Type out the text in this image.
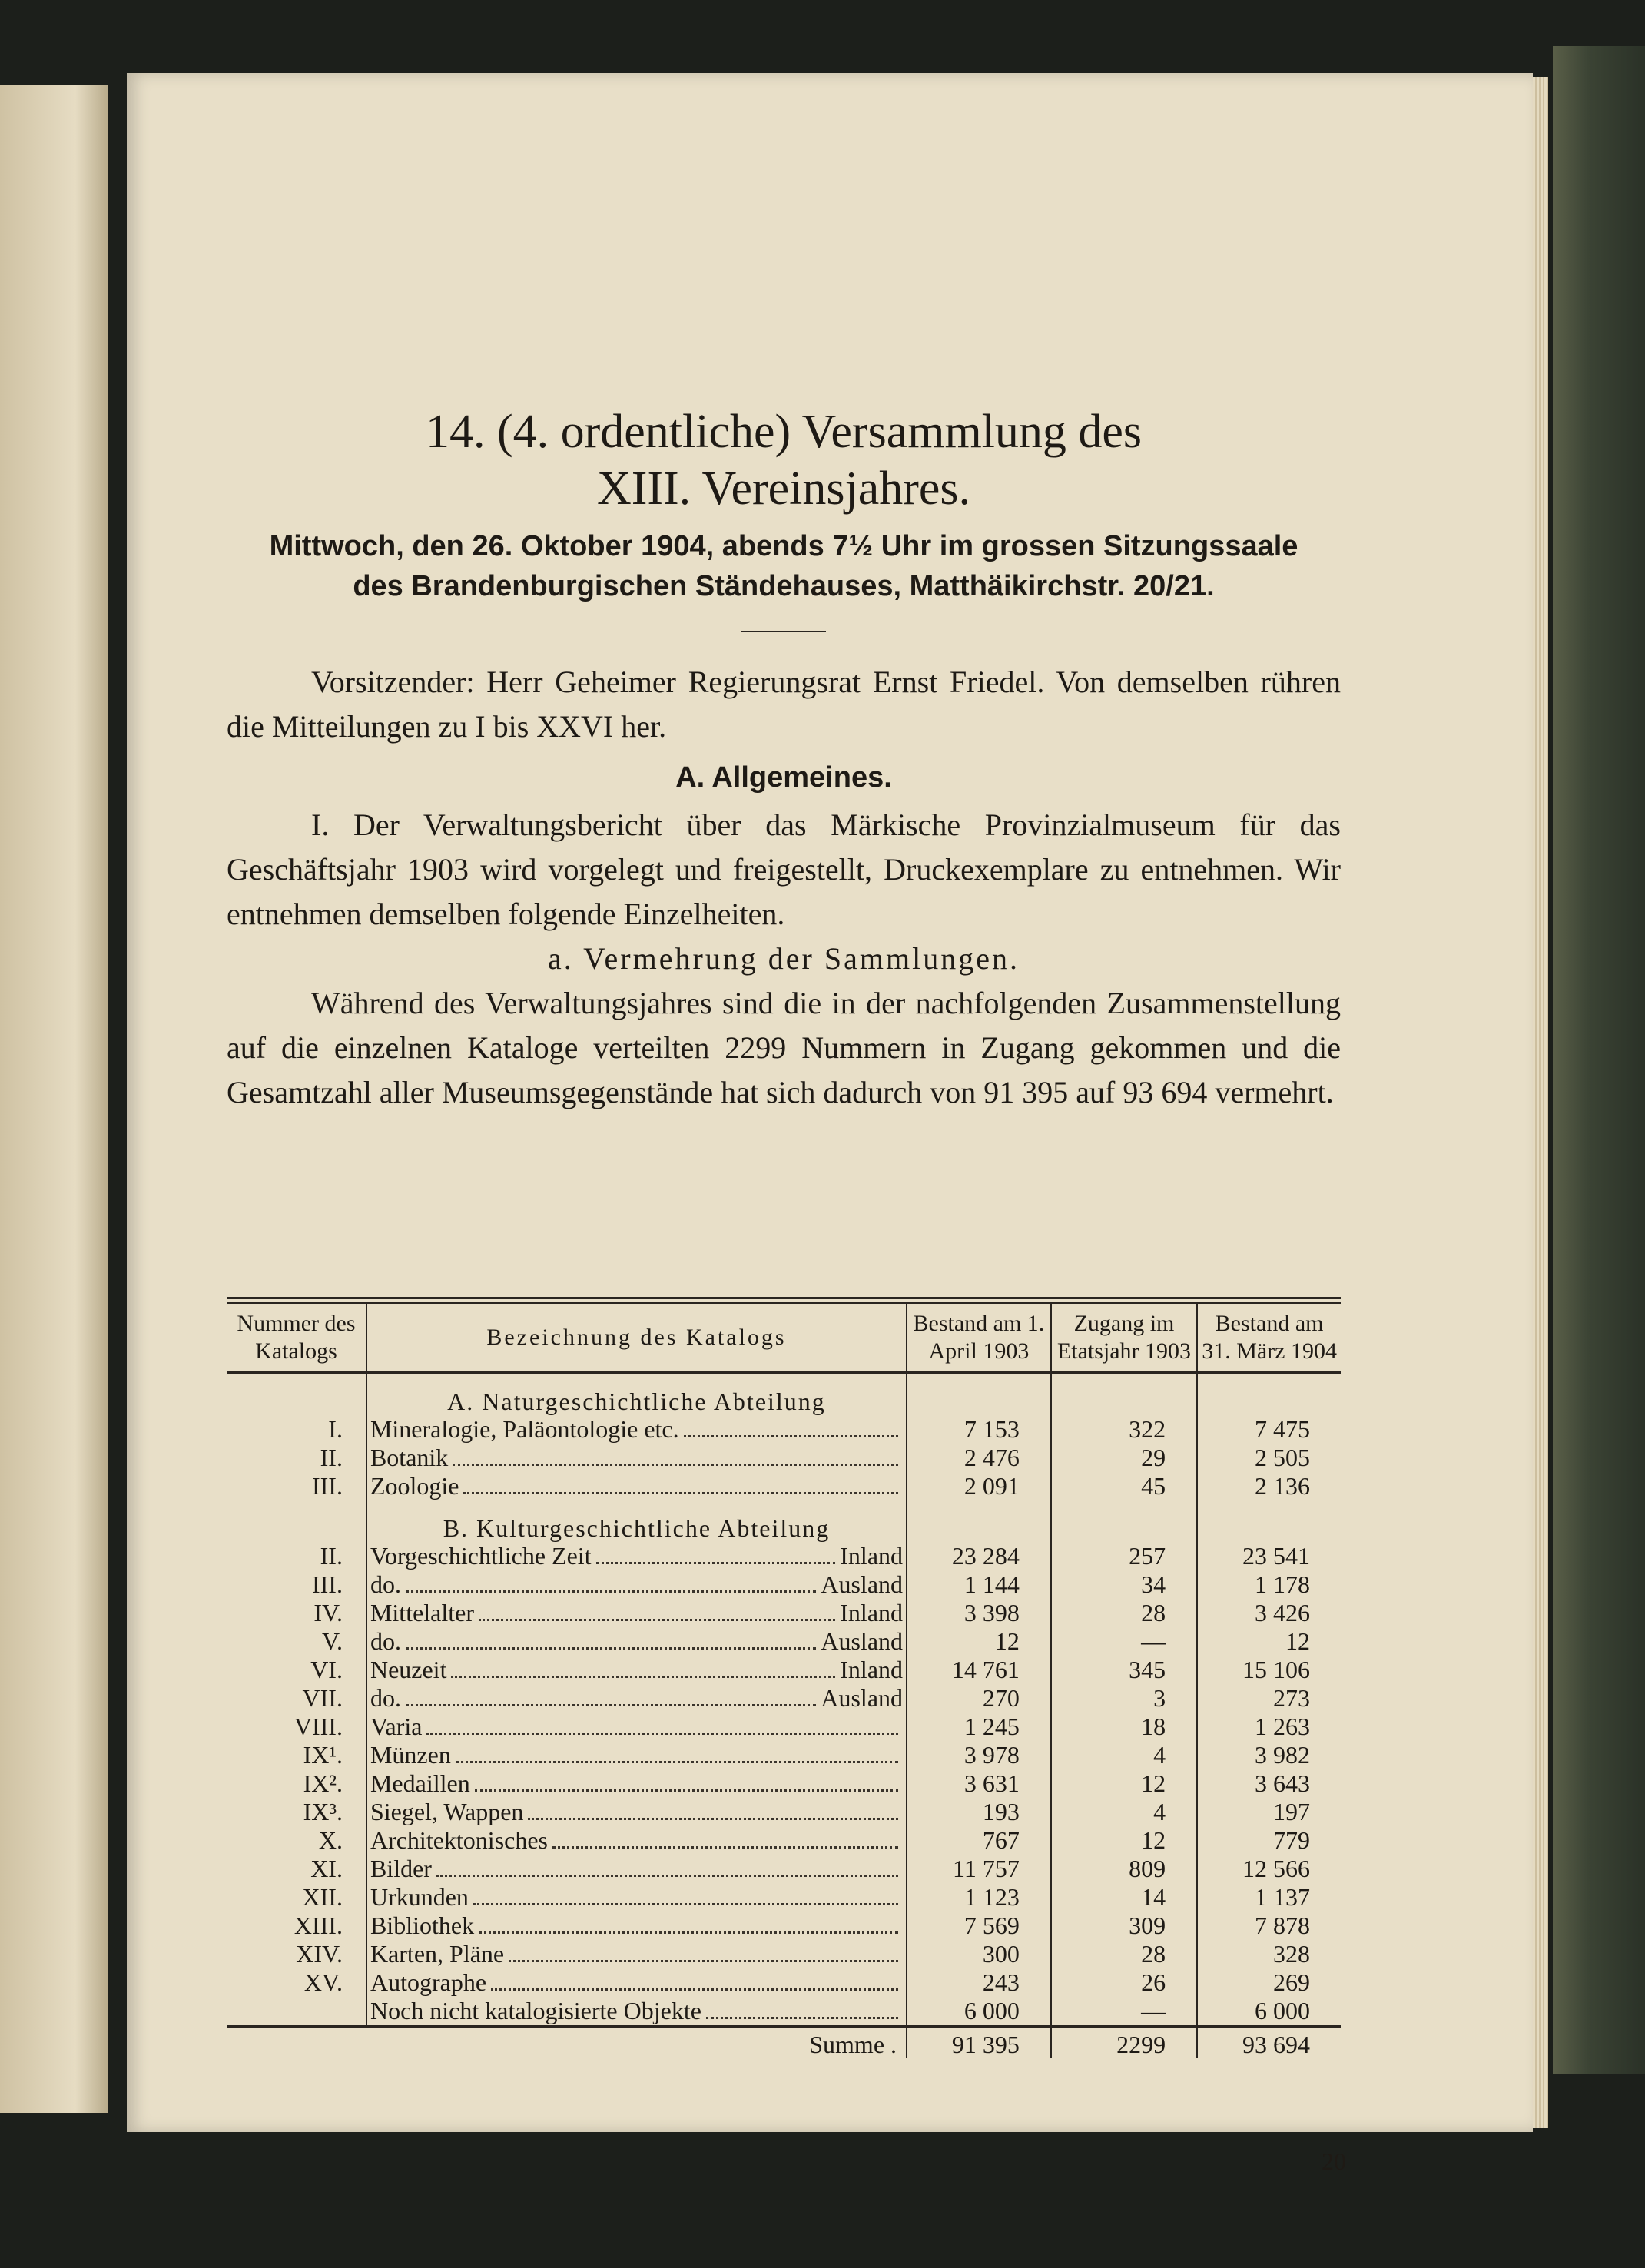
14. (4. ordentliche) Versammlung des
XIII. Vereinsjahres.
Mittwoch, den 26. Oktober 1904, abends 7½ Uhr im grossen Sitzungssaale
des Brandenburgischen Ständehauses, Matthäikirchstr. 20/21.

Vorsitzender: Herr Geheimer Regierungsrat Ernst Friedel. Von demselben rühren die Mitteilungen zu I bis XXVI her.

A. Allgemeines.

I. Der Verwaltungsbericht über das Märkische Provinzialmuseum für das Geschäftsjahr 1903 wird vorgelegt und freigestellt, Druckexemplare zu entnehmen. Wir entnehmen demselben folgende Einzelheiten.

a. Vermehrung der Sammlungen.

Während des Verwaltungsjahres sind die in der nachfolgenden Zusammenstellung auf die einzelnen Kataloge verteilten 2299 Nummern in Zugang gekommen und die Gesamtzahl aller Museumsgegenstände hat sich dadurch von 91 395 auf 93 694 vermehrt.

Nummer des Katalogs	Bezeichnung des Katalogs	Bestand am 1. April 1903	Zugang im Etatsjahr 1903	Bestand am 31. März 1904
	A. Naturgeschichtliche Abteilung			
I.	Mineralogie, Paläontologie etc.	7 153	322	7 475
II.	Botanik	2 476	29	2 505
III.	Zoologie	2 091	45	2 136
	B. Kulturgeschichtliche Abteilung			
II.	Vorgeschichtliche Zeit Inland	23 284	257	23 541
III.	do. Ausland	1 144	34	1 178
IV.	Mittelalter Inland	3 398	28	3 426
V.	do. Ausland	12	—	12
VI.	Neuzeit Inland	14 761	345	15 106
VII.	do. Ausland	270	3	273
VIII.	Varia	1 245	18	1 263
IX¹.	Münzen	3 978	4	3 982
IX².	Medaillen	3 631	12	3 643
IX³.	Siegel, Wappen	193	4	197
X.	Architektonisches	767	12	779
XI.	Bilder	11 757	809	12 566
XII.	Urkunden	1 123	14	1 137
XIII.	Bibliothek	7 569	309	7 878
XIV.	Karten, Pläne	300	28	328
XV.	Autographe	243	26	269

	Noch nicht katalogisierte Objekte	6 000	—	6 000
	Summe .	91 395	2299	93 694
20
